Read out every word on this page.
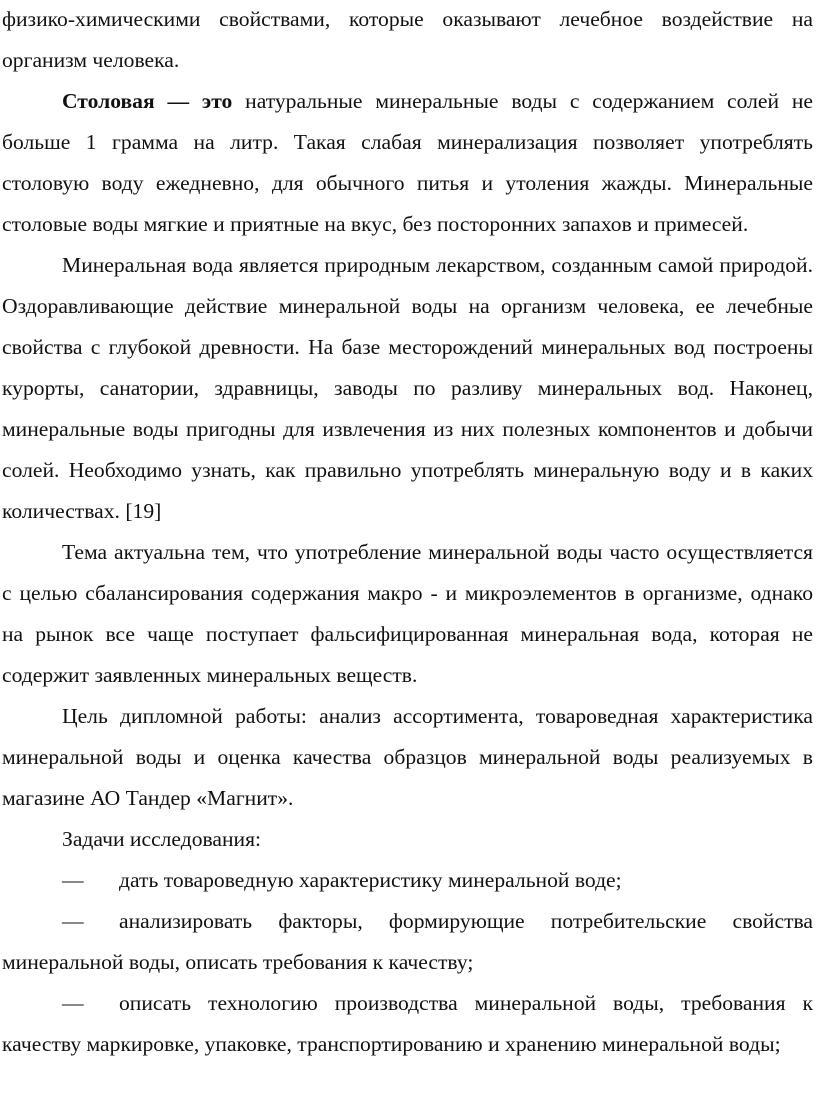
физико-химическими свойствами, которые оказывают лечебное воздействие на организм человека.

Столовая — это натуральные минеральные воды с содержанием солей не больше 1 грамма на литр. Такая слабая минерализация позволяет употреблять столовую воду ежедневно, для обычного питья и утоления жажды. Минеральные столовые воды мягкие и приятные на вкус, без посторонних запахов и примесей.

Минеральная вода является природным лекарством, созданным самой природой. Оздоравливающие действие минеральной воды на организм человека, ее лечебные свойства с глубокой древности. На базе месторождений минеральных вод построены курорты, санатории, здравницы, заводы по разливу минеральных вод. Наконец, минеральные воды пригодны для извлечения из них полезных компонентов и добычи солей. Необходимо узнать, как правильно употреблять минеральную воду и в каких количествах. [19]

Тема актуальна тем, что употребление минеральной воды часто осуществляется с целью сбалансирования содержания макро - и микроэлементов в организме, однако на рынок все чаще поступает фальсифицированная минеральная вода, которая не содержит заявленных минеральных веществ.

Цель дипломной работы: анализ ассортимента, товароведная характеристика минеральной воды и оценка качества образцов минеральной воды реализуемых в магазине АО Тандер «Магнит».

Задачи исследования:

— дать товароведную характеристику минеральной воде;

— анализировать факторы, формирующие потребительские свойства минеральной воды, описать требования к качеству;

— описать технологию производства минеральной воды, требования к качеству маркировке, упаковке, транспортированию и хранению минеральной воды;
